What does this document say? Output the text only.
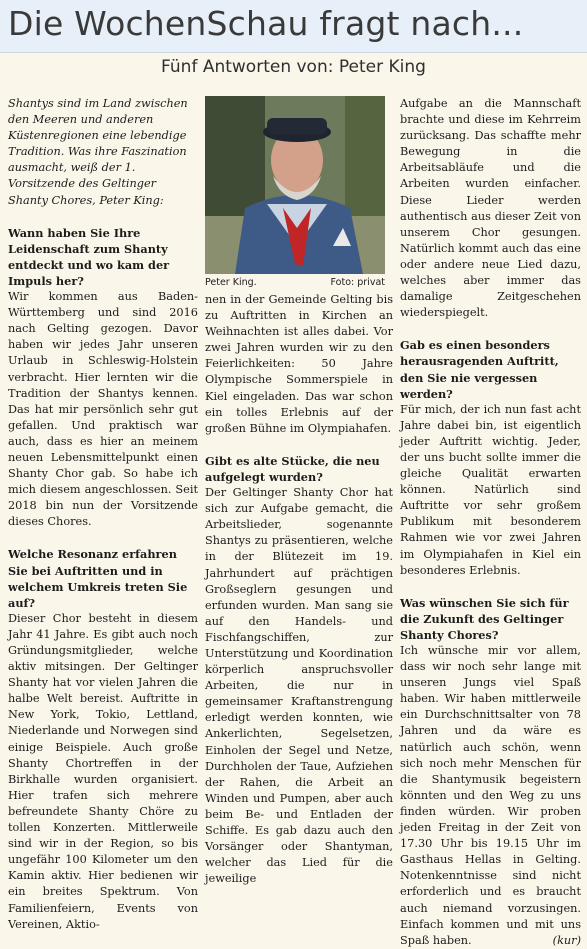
Die WochenSchau fragt nach...
Fünf Antworten von: Peter King

Shantys sind im Land zwischen den Meeren und anderen Küstenregionen eine lebendige Tradition. Was ihre Faszination ausmacht, weiß der 1. Vorsitzende des Geltinger Shanty Chores, Peter King:

Wann haben Sie Ihre Leidenschaft zum Shanty entdeckt und wo kam der Impuls her?

Wir kommen aus Baden-Württemberg und sind 2016 nach Gelting gezogen. Davor haben wir jedes Jahr unseren Urlaub in Schleswig-Holstein verbracht. Hier lernten wir die Tradition der Shantys kennen. Das hat mir persönlich sehr gut gefallen. Und praktisch war auch, dass es hier an meinem neuen Lebensmittelpunkt einen Shanty Chor gab. So habe ich mich diesem angeschlossen. Seit 2018 bin nun der Vorsitzende dieses Chores.

Welche Resonanz erfahren Sie bei Auftritten und in welchem Umkreis treten Sie auf?

Dieser Chor besteht in diesem Jahr 41 Jahre. Es gibt auch noch Gründungsmitglieder, welche aktiv mitsingen. Der Geltinger Shanty hat vor vielen Jahren die halbe Welt bereist. Auftritte in New York, Tokio, Lettland, Niederlande und Norwegen sind einige Beispiele. Auch große Shanty Chortreffen in der Birkhalle wurden organisiert. Hier trafen sich mehrere befreundete Shanty Chöre zu tollen Konzerten. Mittlerweile sind wir in der Region, so bis ungefähr 100 Kilometer um den Kamin aktiv. Hier bedienen wir ein breites Spektrum. Von Familienfeiern, Events von Vereinen, Aktio-

Peter King.	Foto: privat

nen in der Gemeinde Gelting bis zu Auftritten in Kirchen an Weihnachten ist alles dabei. Vor zwei Jahren wurden wir zu den Feierlichkeiten: 50 Jahre Olympische Sommerspiele in Kiel eingeladen. Das war schon ein tolles Erlebnis auf der großen Bühne im Olympiahafen.

Gibt es alte Stücke, die neu aufgelegt wurden?

Der Geltinger Shanty Chor hat sich zur Aufgabe gemacht, die Arbeitslieder, sogenannte Shantys zu präsentieren, welche in der Blütezeit im 19. Jahrhundert auf prächtigen Großseglern gesungen und erfunden wurden. Man sang sie auf den Handels- und Fischfangschiffen, zur Unterstützung und Koordination körperlich anspruchsvoller Arbeiten, die nur in gemeinsamer Kraftanstrengung erledigt werden konnten, wie Ankerlichten, Segelsetzen, Einholen der Segel und Netze, Durchholen der Taue, Aufziehen der Rahen, die Arbeit an Winden und Pumpen, aber auch beim Be- und Entladen der Schiffe. Es gab dazu auch den Vorsänger oder Shantyman, welcher das Lied für die jeweilige

Aufgabe an die Mannschaft brachte und diese im Kehrreim zurücksang. Das schaffte mehr Bewegung in die Arbeitsabläufe und die Arbeiten wurden einfacher. Diese Lieder werden authentisch aus dieser Zeit von unserem Chor gesungen. Natürlich kommt auch das eine oder andere neue Lied dazu, welches aber immer das damalige Zeitgeschehen wiederspiegelt.

Gab es einen besonders herausragenden Auftritt, den Sie nie vergessen werden?

Für mich, der ich nun fast acht Jahre dabei bin, ist eigentlich jeder Auftritt wichtig. Jeder, der uns bucht sollte immer die gleiche Qualität erwarten können. Natürlich sind Auftritte vor sehr großem Publikum mit besonderem Rahmen wie vor zwei Jahren im Olympiahafen in Kiel ein besonderes Erlebnis.

Was wünschen Sie sich für die Zukunft des Geltinger Shanty Chores?

Ich wünsche mir vor allem, dass wir noch sehr lange mit unseren Jungs viel Spaß haben. Wir haben mittlerweile ein Durchschnittsalter von 78 Jahren und da wäre es natürlich auch schön, wenn sich noch mehr Menschen für die Shantymusik begeistern könnten und den Weg zu uns finden würden. Wir proben jeden Freitag in der Zeit von 17.30 Uhr bis 19.15 Uhr im Gasthaus Hellas in Gelting. Notenkenntnisse sind nicht erforderlich und es braucht auch niemand vorzusingen. Einfach kommen und mit uns Spaß haben.	(kur)
